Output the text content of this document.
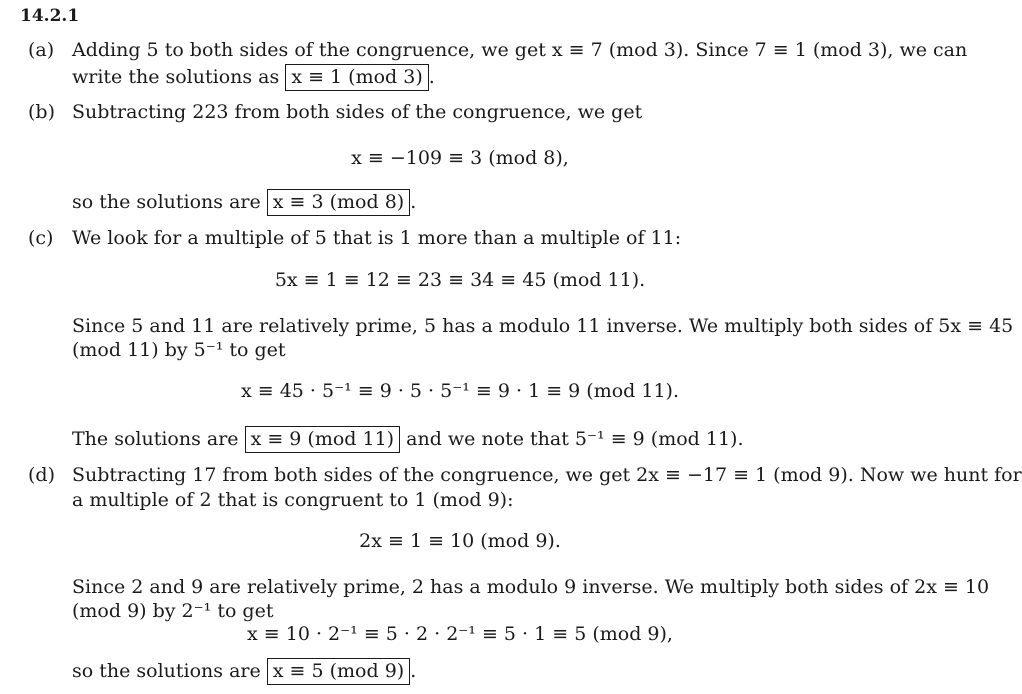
14.2.1
(a) Adding 5 to both sides of the congruence, we get x ≡ 7 (mod 3). Since 7 ≡ 1 (mod 3), we can
write the solutions as x ≡ 1 (mod 3) .
(b) Subtracting 223 from both sides of the congruence, we get
x ≡ −109 ≡ 3 (mod 8),
so the solutions are x ≡ 3 (mod 8) .
(c) We look for a multiple of 5 that is 1 more than a multiple of 11:
5x ≡ 1 ≡ 12 ≡ 23 ≡ 34 ≡ 45 (mod 11).
Since 5 and 11 are relatively prime, 5 has a modulo 11 inverse. We multiply both sides of 5x ≡ 45
(mod 11) by 5⁻¹ to get
x ≡ 45 · 5⁻¹ ≡ 9 · 5 · 5⁻¹ ≡ 9 · 1 ≡ 9 (mod 11).
The solutions are x ≡ 9 (mod 11) and we note that 5⁻¹ ≡ 9 (mod 11).
(d) Subtracting 17 from both sides of the congruence, we get 2x ≡ −17 ≡ 1 (mod 9). Now we hunt for
a multiple of 2 that is congruent to 1 (mod 9):
2x ≡ 1 ≡ 10 (mod 9).
Since 2 and 9 are relatively prime, 2 has a modulo 9 inverse. We multiply both sides of 2x ≡ 10
(mod 9) by 2⁻¹ to get
x ≡ 10 · 2⁻¹ ≡ 5 · 2 · 2⁻¹ ≡ 5 · 1 ≡ 5 (mod 9),
so the solutions are x ≡ 5 (mod 9) .
